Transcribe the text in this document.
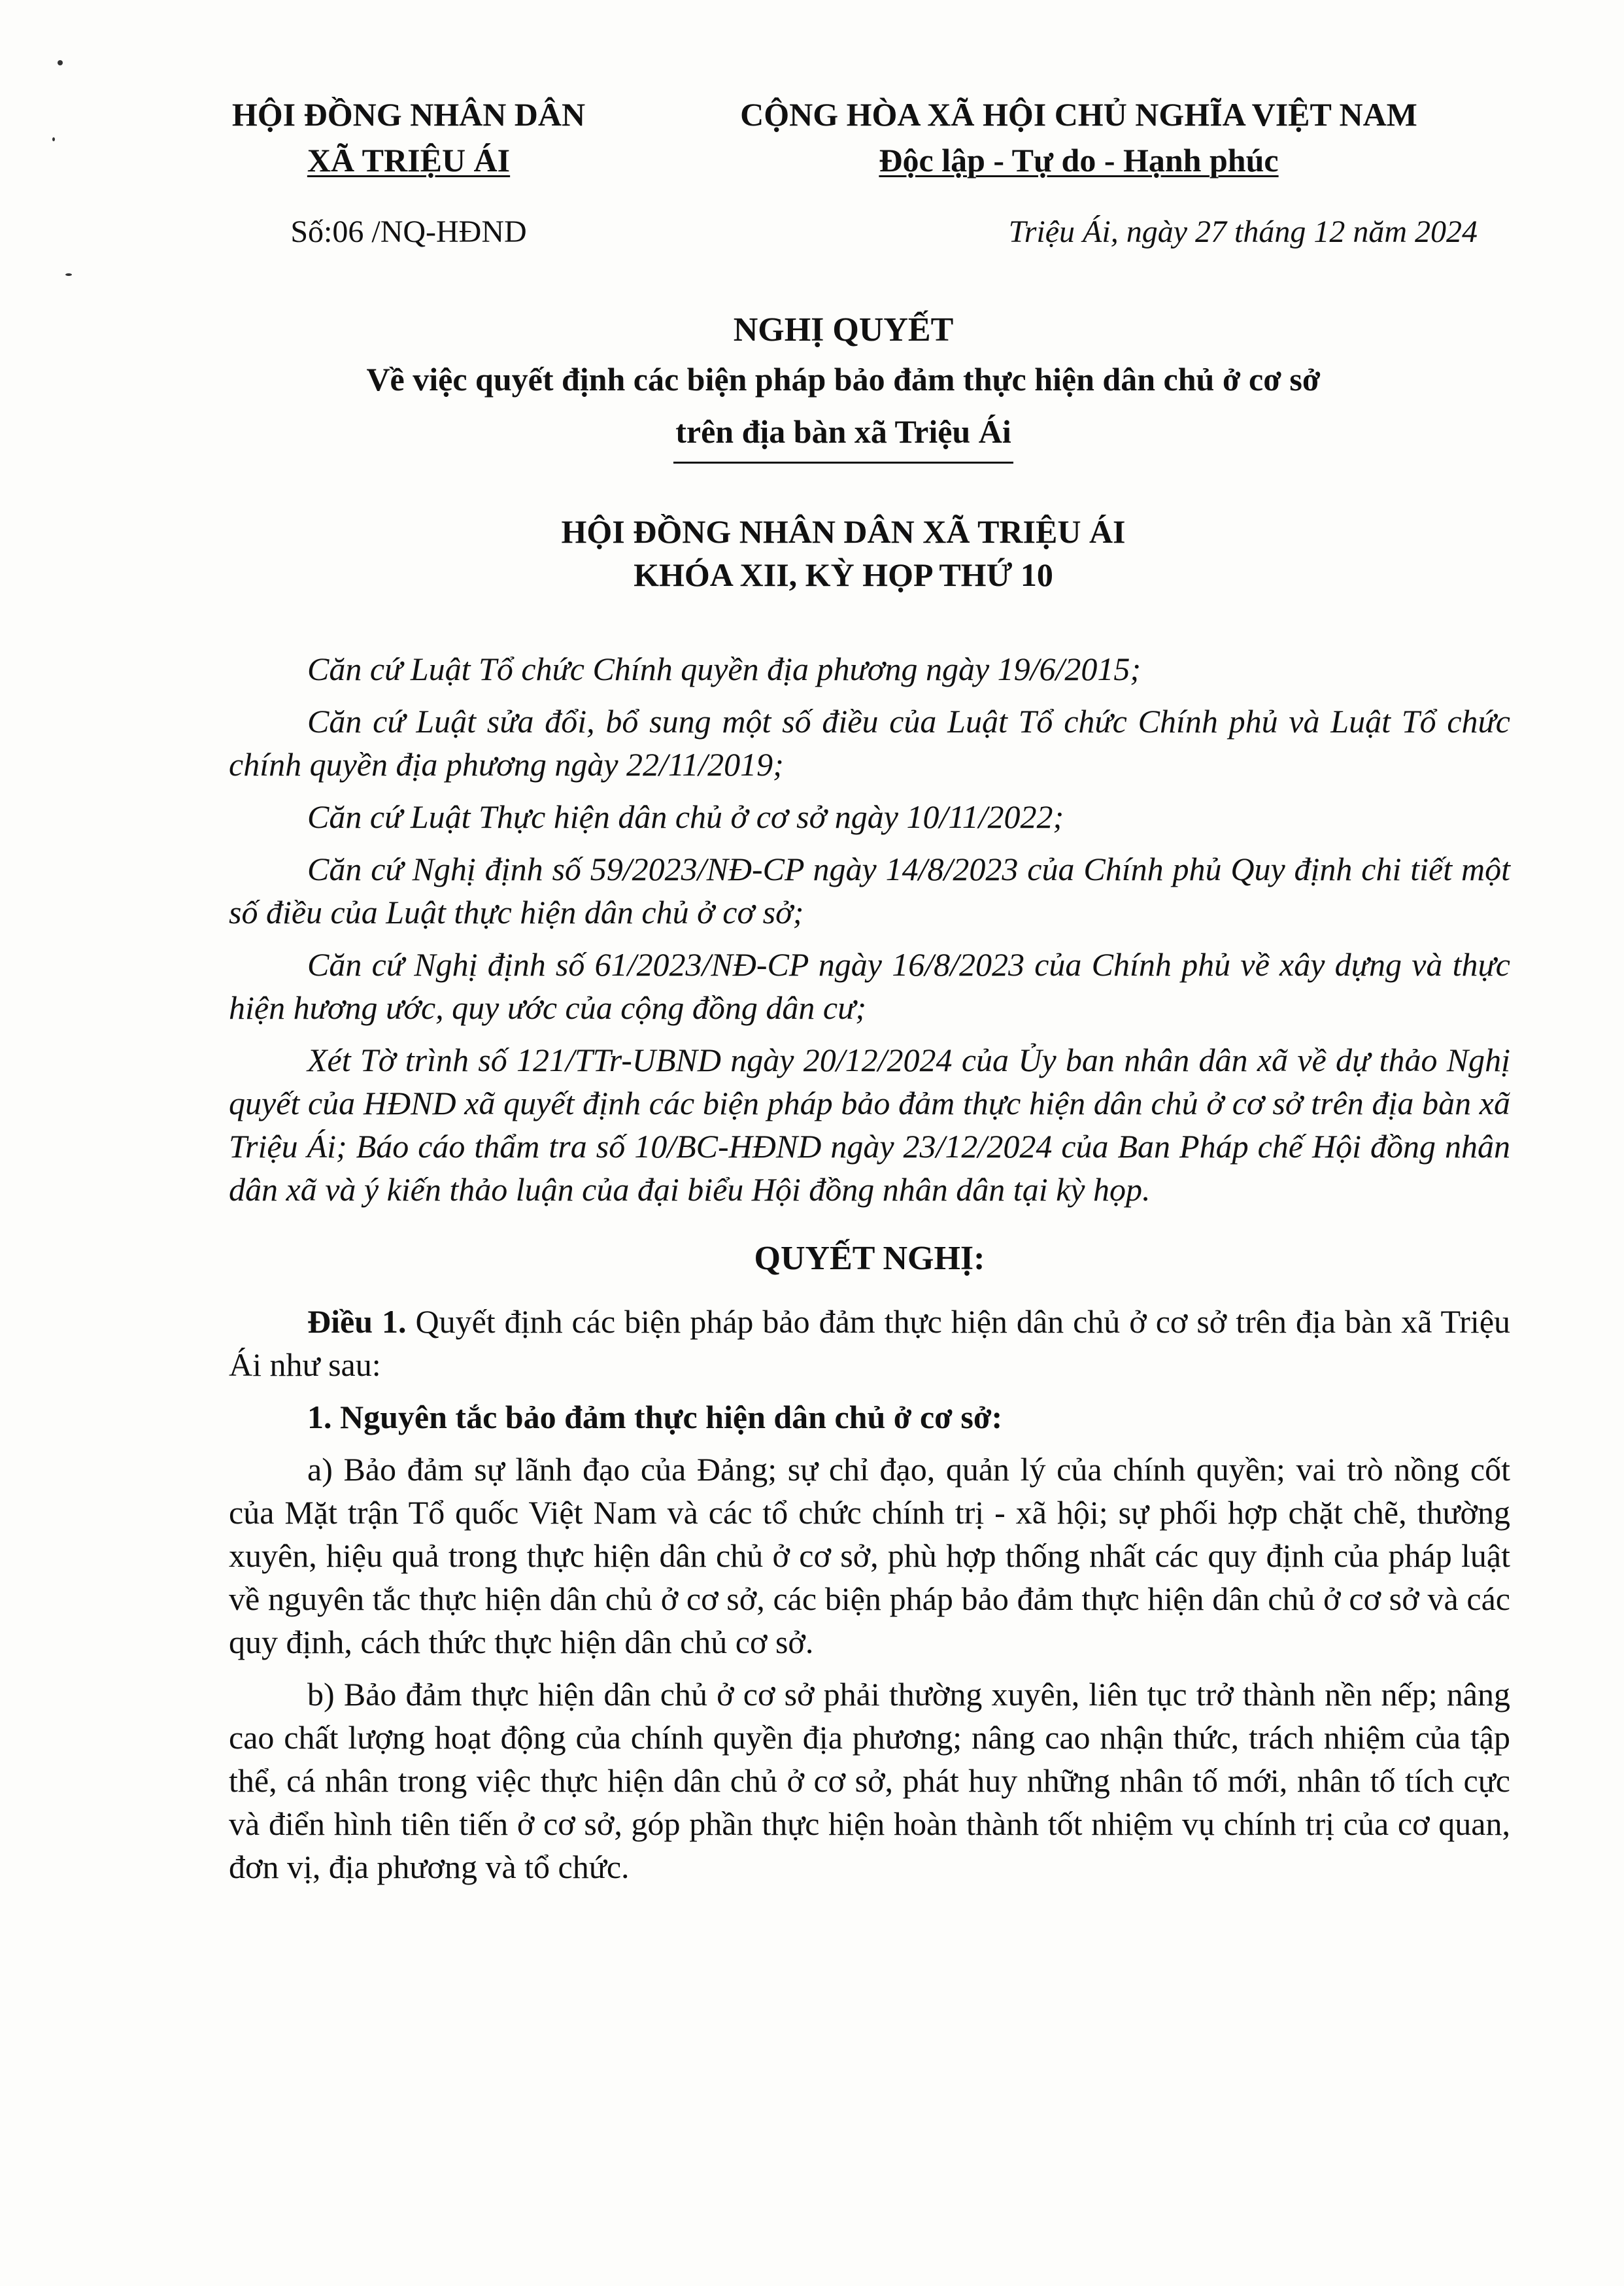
HỘI ĐỒNG NHÂN DÂN
XÃ TRIỆU ÁI
CỘNG HÒA XÃ HỘI CHỦ NGHĨA VIỆT NAM
Độc lập - Tự do - Hạnh phúc
Số:06 /NQ-HĐND	Triệu Ái, ngày 27 tháng 12 năm 2024

NGHỊ QUYẾT

Về việc quyết định các biện pháp bảo đảm thực hiện dân chủ ở cơ sở

trên địa bàn xã Triệu Ái

HỘI ĐỒNG NHÂN DÂN XÃ TRIỆU ÁI
KHÓA XII, KỲ HỌP THỨ 10

Căn cứ Luật Tổ chức Chính quyền địa phương ngày 19/6/2015;

Căn cứ Luật sửa đổi, bổ sung một số điều của Luật Tổ chức Chính phủ và Luật Tổ chức chính quyền địa phương ngày 22/11/2019;

Căn cứ Luật Thực hiện dân chủ ở cơ sở ngày 10/11/2022;

Căn cứ Nghị định số 59/2023/NĐ-CP ngày 14/8/2023 của Chính phủ Quy định chi tiết một số điều của Luật thực hiện dân chủ ở cơ sở;

Căn cứ Nghị định số 61/2023/NĐ-CP ngày 16/8/2023 của Chính phủ về xây dựng và thực hiện hương ước, quy ước của cộng đồng dân cư;

Xét Tờ trình số 121/TTr-UBND ngày 20/12/2024 của Ủy ban nhân dân xã về dự thảo Nghị quyết của HĐND xã quyết định các biện pháp bảo đảm thực hiện dân chủ ở cơ sở trên địa bàn xã Triệu Ái; Báo cáo thẩm tra số 10/BC-HĐND ngày 23/12/2024 của Ban Pháp chế Hội đồng nhân dân xã và ý kiến thảo luận của đại biểu Hội đồng nhân dân tại kỳ họp.

QUYẾT NGHỊ:

Điều 1. Quyết định các biện pháp bảo đảm thực hiện dân chủ ở cơ sở trên địa bàn xã Triệu Ái như sau:

1. Nguyên tắc bảo đảm thực hiện dân chủ ở cơ sở:

a) Bảo đảm sự lãnh đạo của Đảng; sự chỉ đạo, quản lý của chính quyền; vai trò nồng cốt của Mặt trận Tổ quốc Việt Nam và các tổ chức chính trị - xã hội; sự phối hợp chặt chẽ, thường xuyên, hiệu quả trong thực hiện dân chủ ở cơ sở, phù hợp thống nhất các quy định của pháp luật về nguyên tắc thực hiện dân chủ ở cơ sở, các biện pháp bảo đảm thực hiện dân chủ ở cơ sở và các quy định, cách thức thực hiện dân chủ cơ sở.

b) Bảo đảm thực hiện dân chủ ở cơ sở phải thường xuyên, liên tục trở thành nền nếp; nâng cao chất lượng hoạt động của chính quyền địa phương; nâng cao nhận thức, trách nhiệm của tập thể, cá nhân trong việc thực hiện dân chủ ở cơ sở, phát huy những nhân tố mới, nhân tố tích cực và điển hình tiên tiến ở cơ sở, góp phần thực hiện hoàn thành tốt nhiệm vụ chính trị của cơ quan, đơn vị, địa phương và tổ chức.
